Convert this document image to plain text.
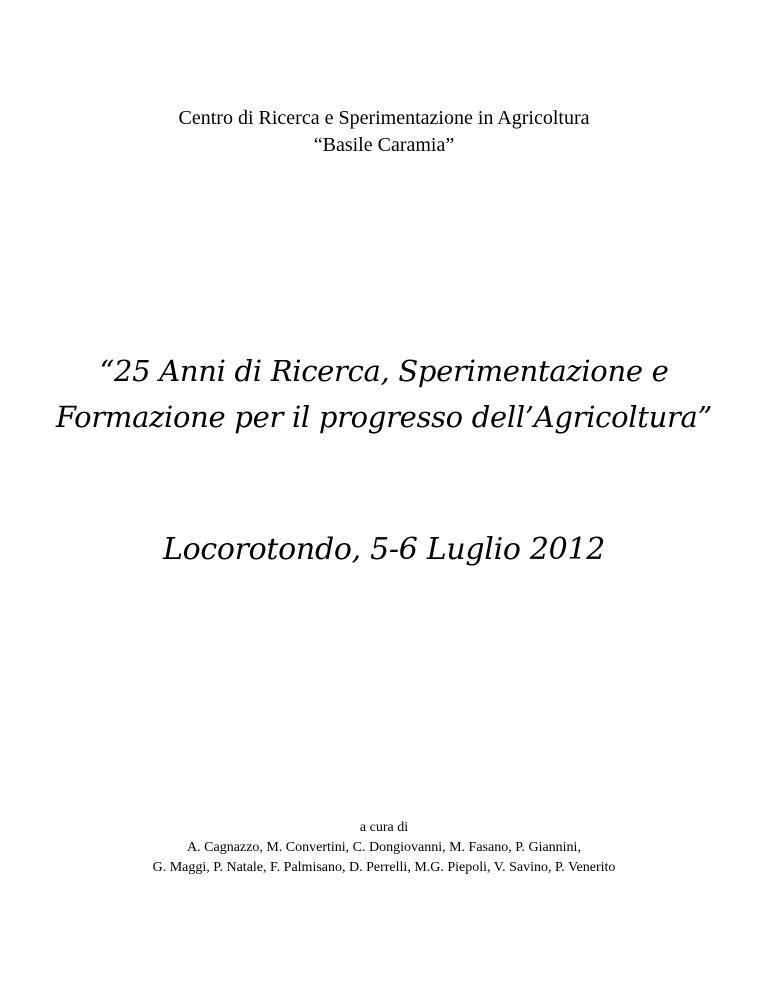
Centro di Ricerca e Sperimentazione in Agricoltura
“Basile Caramia”
“25 Anni di Ricerca, Sperimentazione e
Formazione per il progresso dell’Agricoltura”
Locorotondo, 5-6 Luglio 2012
a cura di
A. Cagnazzo, M. Convertini, C. Dongiovanni, M. Fasano, P. Giannini,
G. Maggi, P. Natale, F. Palmisano, D. Perrelli, M.G. Piepoli, V. Savino, P. Venerito
